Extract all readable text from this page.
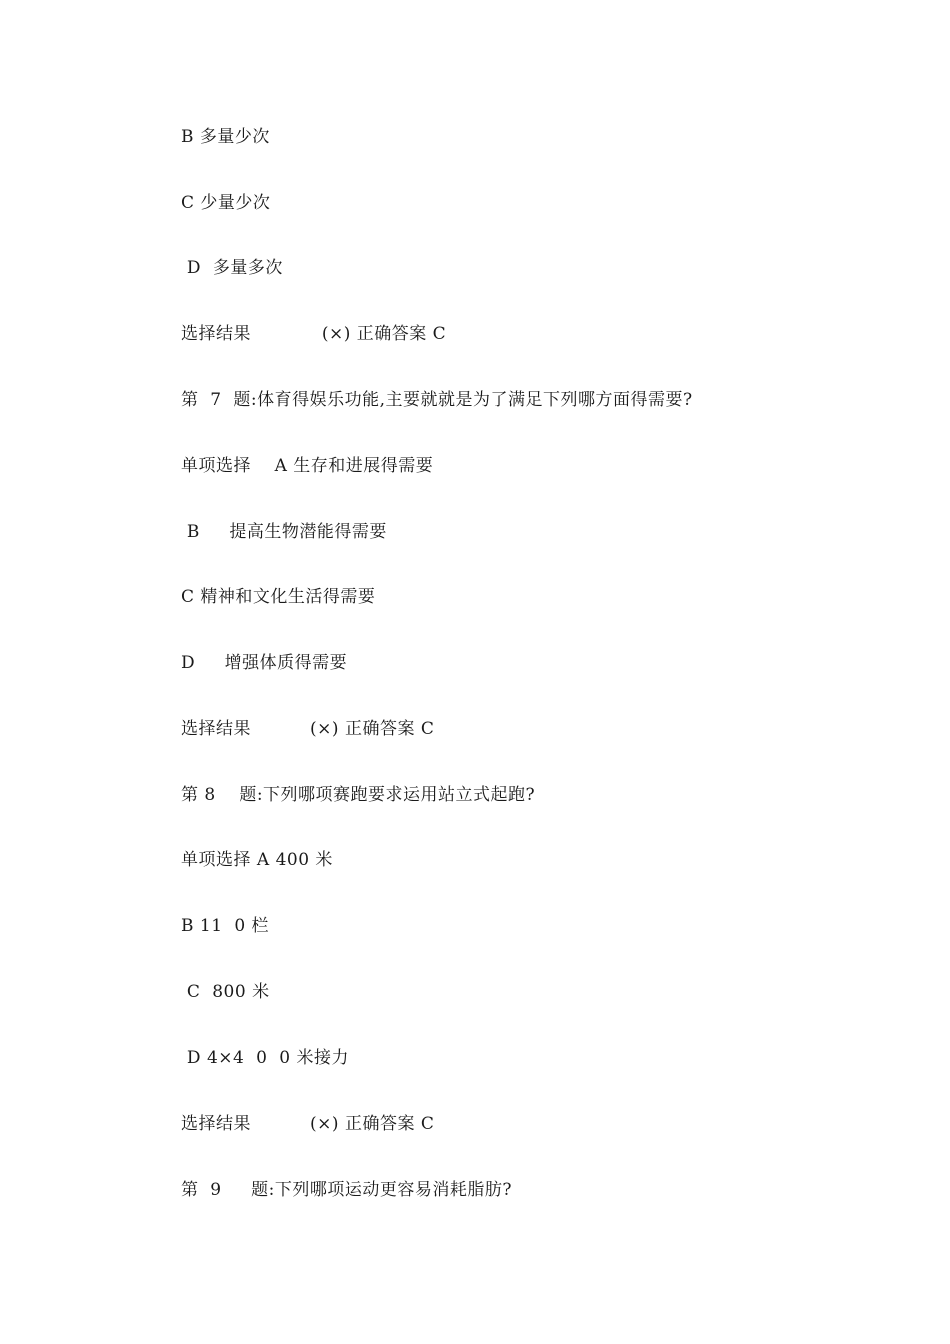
B 多量少次
C 少量少次
D  多量多次
选择结果            (×) 正确答案 C
第  7  题:体育得娱乐功能,主要就就是为了满足下列哪方面得需要?
单项选择    A 生存和进展得需要
B     提高生物潜能得需要
C 精神和文化生活得需要
D     增强体质得需要
选择结果          (×) 正确答案 C
第 8    题:下列哪项赛跑要求运用站立式起跑?
单项选择 A 400 米
B 11  0 栏
C  800 米
D 4×4  0  0 米接力
选择结果          (×) 正确答案 C
第  9     题:下列哪项运动更容易消耗脂肪?
